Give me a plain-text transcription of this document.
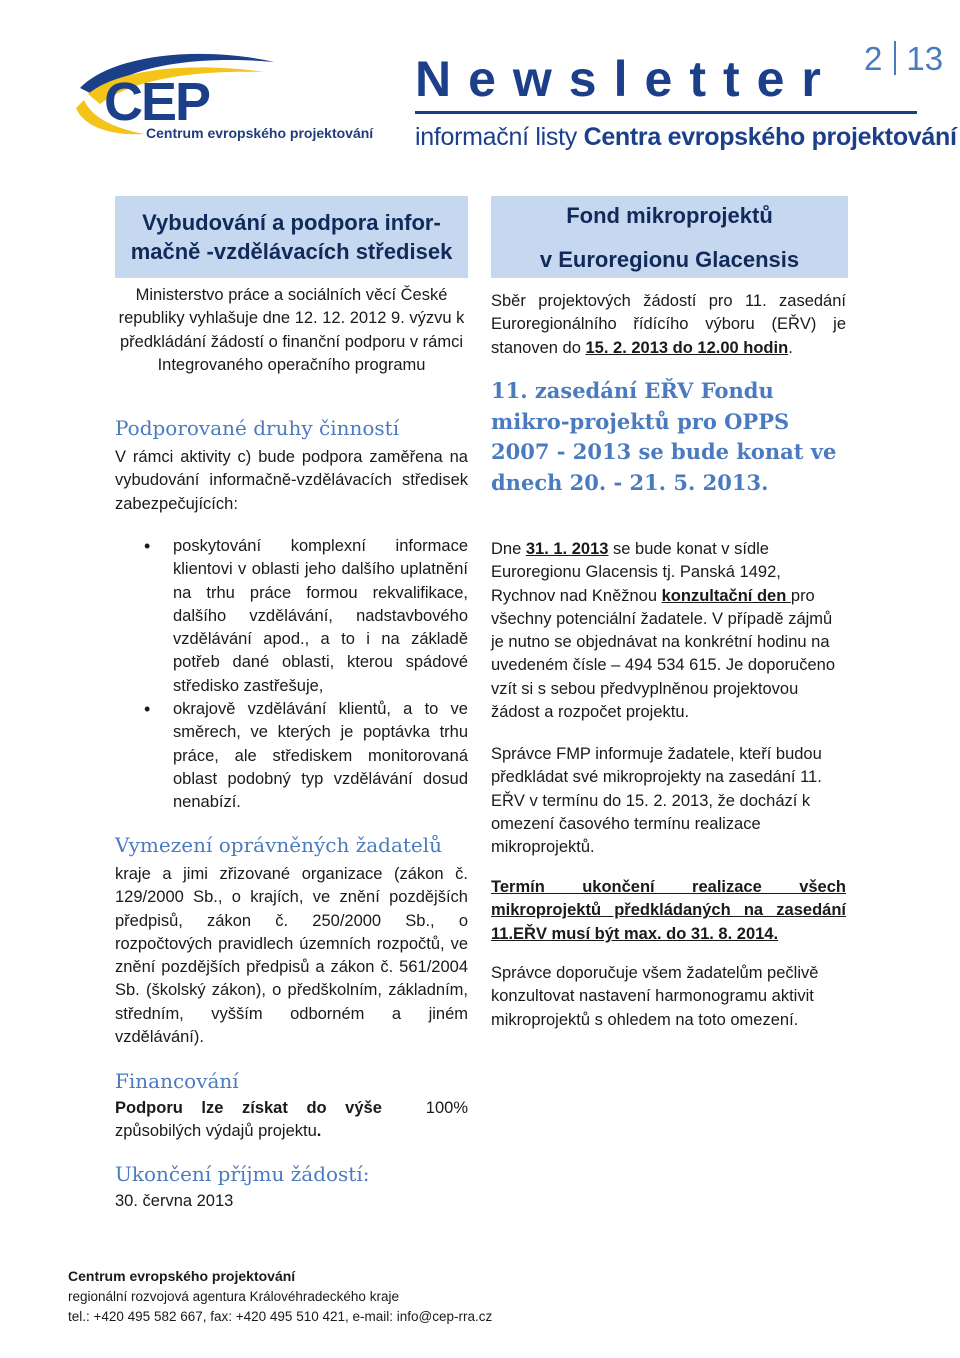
CEP
Centrum evropského projektování
Newsletter
informační listy Centra evropského projektování
2 13
Vybudování a podpora infor-mačně -vzdělávacích středisek
Ministerstvo práce a sociálních věcí České republiky vyhlašuje dne 12. 12. 2012 9. výzvu k předkládání žádostí o finanční podporu v rámci Integrovaného operačního programu
Podporované druhy činností
V rámci aktivity c) bude podpora zaměřena na vybudování informačně-vzdělávacích středisek zabezpečujících:
• poskytování komplexní informace klientovi v oblasti jeho dalšího uplatnění na trhu práce formou rekvalifikace, dalšího vzdělávání, nadstavbového vzdělávání apod., a to i na základě potřeb dané oblasti, kterou spádové středisko zastřešuje,
• okrajově vzdělávání klientů, a to ve směrech, ve kterých je poptávka trhu práce, ale střediskem monitorovaná oblast podobný typ vzdělávání dosud nenabízí.
Vymezení oprávněných žadatelů
kraje a jimi zřizované organizace (zákon č. 129/2000 Sb., o krajích, ve znění pozdějších předpisů, zákon č. 250/2000 Sb., o rozpočtových pravidlech územních rozpočtů, ve znění pozdějších předpisů a zákon č. 561/2004 Sb. (školský zákon), o předškolním, základním, středním, vyšším odborném a jiném vzdělávání).
Financování
Podporu lze získat do výše	100%
způsobilých výdajů projektu.
Ukončení příjmu žádostí:
30. června 2013
Fond mikroprojektů
v Euroregionu Glacensis
Sběr projektových žádostí pro 11. zasedání Euroregionálního řídícího výboru (EŘV) je stanoven do 15. 2. 2013 do 12.00 hodin.
11. zasedání EŘV Fondu mikro-projektů pro OPPS 2007 - 2013 se bude konat ve dnech 20. - 21. 5. 2013.
Dne 31. 1. 2013 se bude konat v sídle Euroregionu Glacensis tj. Panská 1492, Rychnov nad Kněžnou konzultační den pro všechny potenciální žadatele. V případě zájmů je nutno se objednávat na konkrétní hodinu na uvedeném čísle – 494 534 615. Je doporučeno vzít si s sebou předvyplněnou projektovou žádost a rozpočet projektu.
Správce FMP informuje žadatele, kteří budou předkládat své mikroprojekty na zasedání 11. EŘV v termínu do 15. 2. 2013, že dochází k omezení časového termínu realizace mikroprojektů.
Termín ukončení realizace všech mikroprojektů předkládaných na zasedání 11.EŘV musí být max. do 31. 8. 2014.
Správce doporučuje všem žadatelům pečlivě konzultovat nastavení harmonogramu aktivit mikroprojektů s ohledem na toto omezení.
Centrum evropského projektování
regionální rozvojová agentura Královéhradeckého kraje
tel.: +420 495 582 667, fax: +420 495 510 421, e-mail: info@cep-rra.cz
